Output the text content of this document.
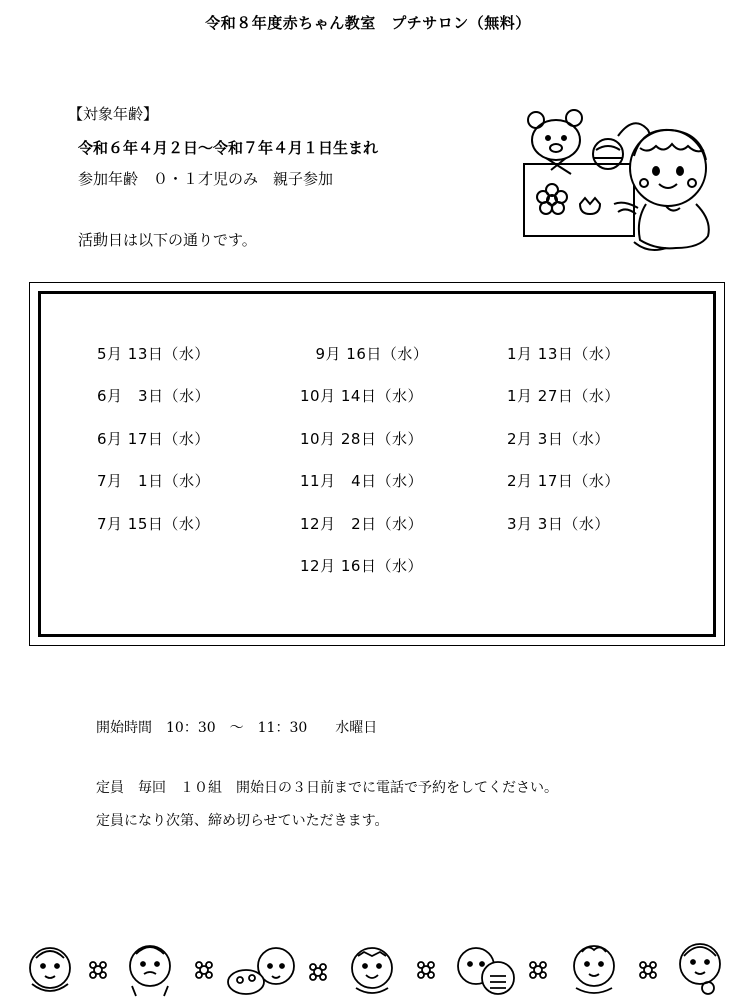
令和８年度赤ちゃん教室　プチサロン（無料）
【対象年齢】
令和６年４月２日～令和７年４月１日生まれ
参加年齢　０・１才児のみ　親子参加
活動日は以下の通りです。
5月 13日（水）
6月　3日（水）
6月 17日（水）
7月　1日（水）
7月 15日（水）
　9月 16日（水）
10月 14日（水）
10月 28日（水）
11月　4日（水）
12月　2日（水）
12月 16日（水）
1月 13日（水）
1月 27日（水）
2月 3日（水）
2月 17日（水）
3月 3日（水）
開始時間　10：30　～　11：30　　水曜日
定員　毎回　１０組　開始日の３日前までに電話で予約をしてください。
定員になり次第、締め切らせていただきます。
